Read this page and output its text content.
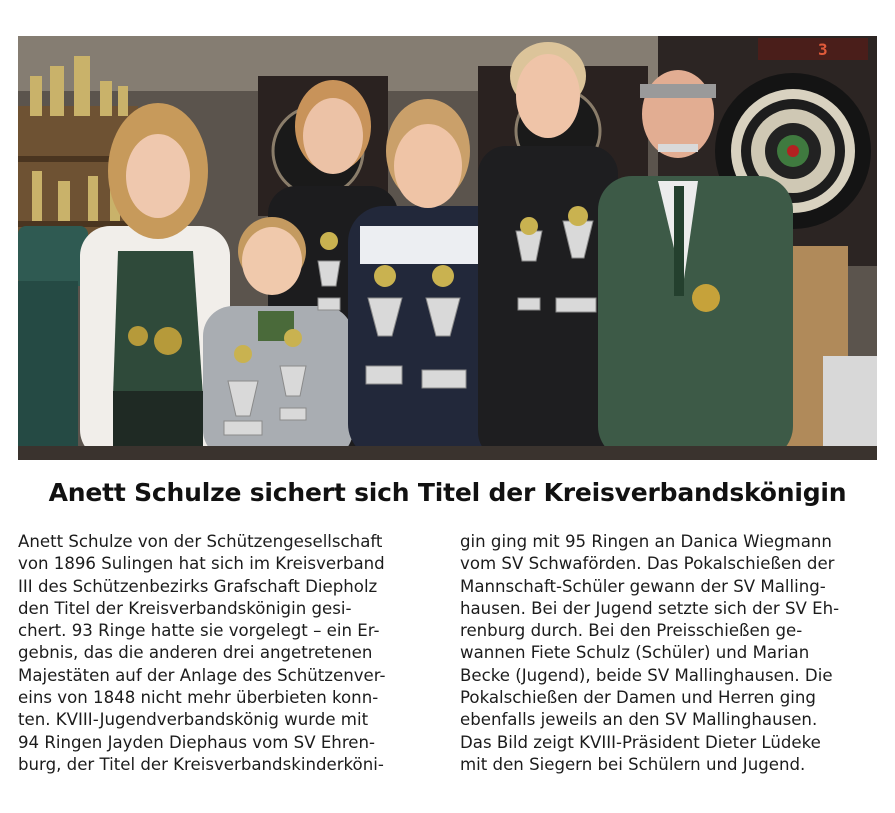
3
Anett Schulze sichert sich Titel der Kreisverbandskönigin
Anett Schulze von der Schützengesellschaft
von 1896 Sulingen hat sich im Kreisverband
III des Schützenbezirks Grafschaft Diepholz
den Titel der Kreisverbandskönigin gesi-
chert. 93 Ringe hatte sie vorgelegt – ein Er-
gebnis, das die anderen drei angetretenen
Majestäten auf der Anlage des Schützenver-
eins von 1848 nicht mehr überbieten konn-
ten. KVIII-Jugendverbandskönig wurde mit
94 Ringen Jayden Diephaus vom SV Ehren-
burg, der Titel der Kreisverbandskinderköni-
gin ging mit 95 Ringen an Danica Wiegmann
vom SV Schwaförden. Das Pokalschießen der
Mannschaft-Schüler gewann der SV Malling-
hausen. Bei der Jugend setzte sich der SV Eh-
renburg durch. Bei den Preisschießen ge-
wannen Fiete Schulz (Schüler) und Marian
Becke (Jugend), beide SV Mallinghausen. Die
Pokalschießen der Damen und Herren ging
ebenfalls jeweils an den SV Mallinghausen.
Das Bild zeigt KVIII-Präsident Dieter Lüdeke
mit den Siegern bei Schülern und Jugend.
